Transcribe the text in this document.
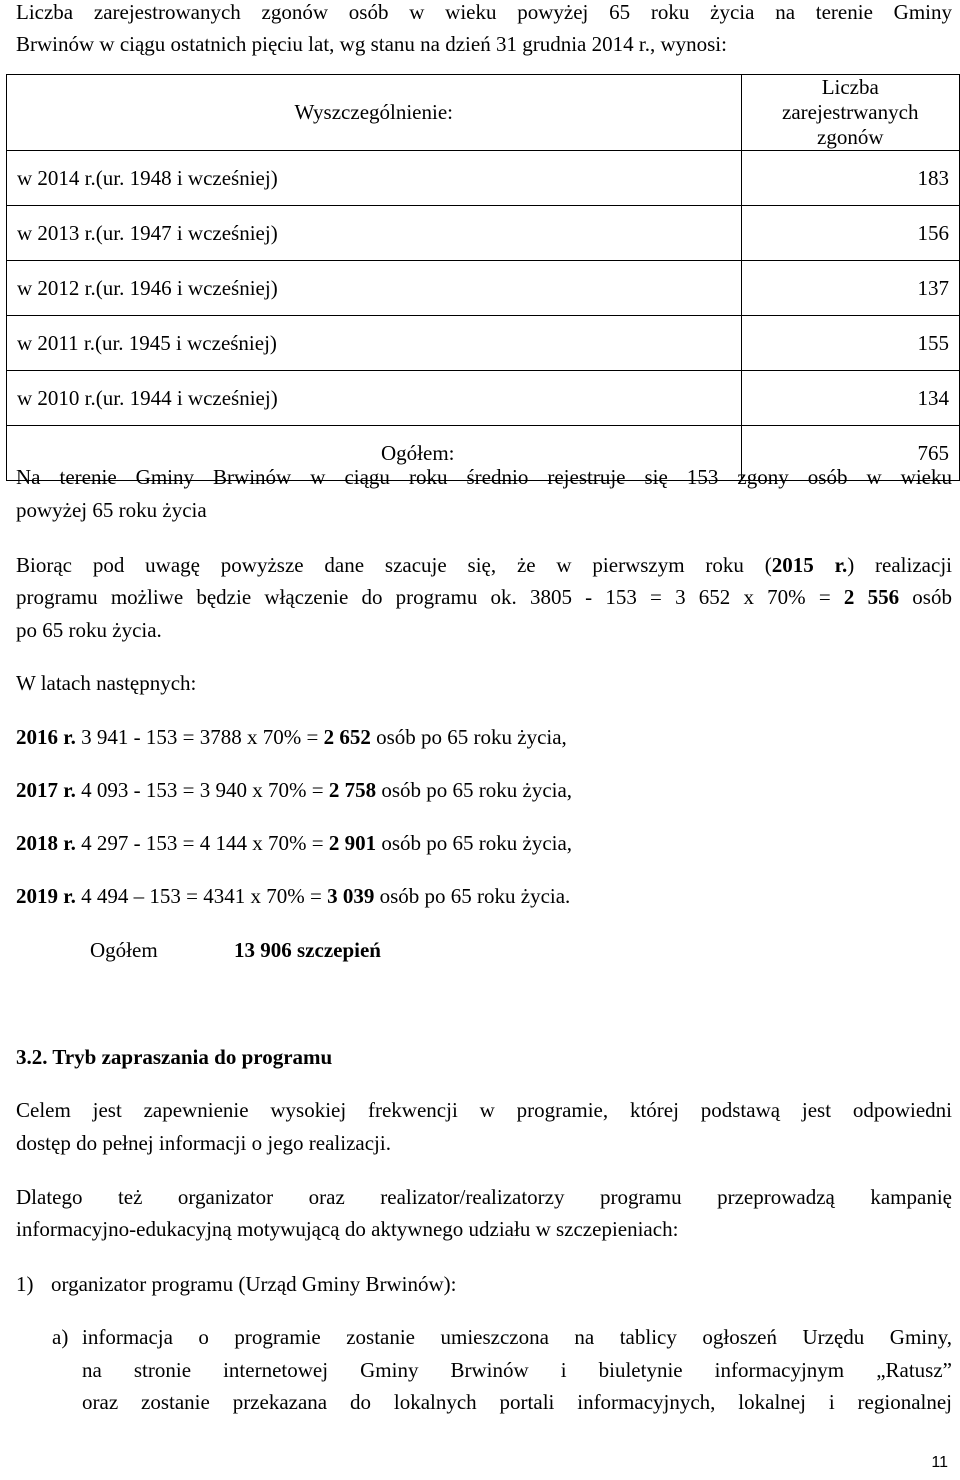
Liczba zarejestrowanych zgonów osób w wieku powyżej 65 roku życia na terenie Gminy

Brwinów w ciągu ostatnich pięciu lat, wg stanu na dzień 31 grudnia 2014 r., wynosi:

Wyszczególnienie:	Liczba zarejestrwanych zgonów
w 2014 r.(ur. 1948 i wcześniej)	183
w 2013 r.(ur. 1947 i wcześniej)	156
w 2012 r.(ur. 1946 i wcześniej)	137
w 2011 r.(ur. 1945 i wcześniej)	155
w 2010 r.(ur. 1944 i wcześniej)	134
Ogółem:	765

Na terenie Gminy Brwinów w ciągu roku średnio rejestruje się 153 zgony osób w wieku

powyżej 65 roku życia

Biorąc pod uwagę powyższe dane szacuje się, że w pierwszym roku (2015 r.) realizacji

programu możliwe będzie włączenie do programu ok. 3805 - 153 = 3 652 x 70% = 2 556 osób

po 65 roku życia.

W latach następnych:

2016 r. 3 941 - 153 = 3788 x 70% = 2 652 osób po 65 roku życia,

2017 r. 4 093 - 153 = 3 940 x 70% = 2 758 osób po 65 roku życia,

2018 r. 4 297 - 153 = 4 144 x 70% = 2 901 osób po 65 roku życia,

2019 r. 4 494 – 153 = 4341 x 70% = 3 039 osób po 65 roku życia.

Ogółem	13 906 szczepień

3.2. Tryb zapraszania do programu

Celem jest zapewnienie wysokiej frekwencji w programie, której podstawą jest odpowiedni

dostęp do pełnej informacji o jego realizacji.

Dlatego też organizator oraz realizator/realizatorzy programu przeprowadzą kampanię

informacyjno-edukacyjną motywującą do aktywnego udziału w szczepieniach:

1) organizator programu (Urząd Gminy Brwinów):
a) informacja o programie zostanie umieszczona na tablicy ogłoszeń Urzędu Gminy,

na stronie internetowej Gminy Brwinów i biuletynie informacyjnym „Ratusz”

oraz zostanie przekazana do lokalnych portali informacyjnych, lokalnej i regionalnej

11
